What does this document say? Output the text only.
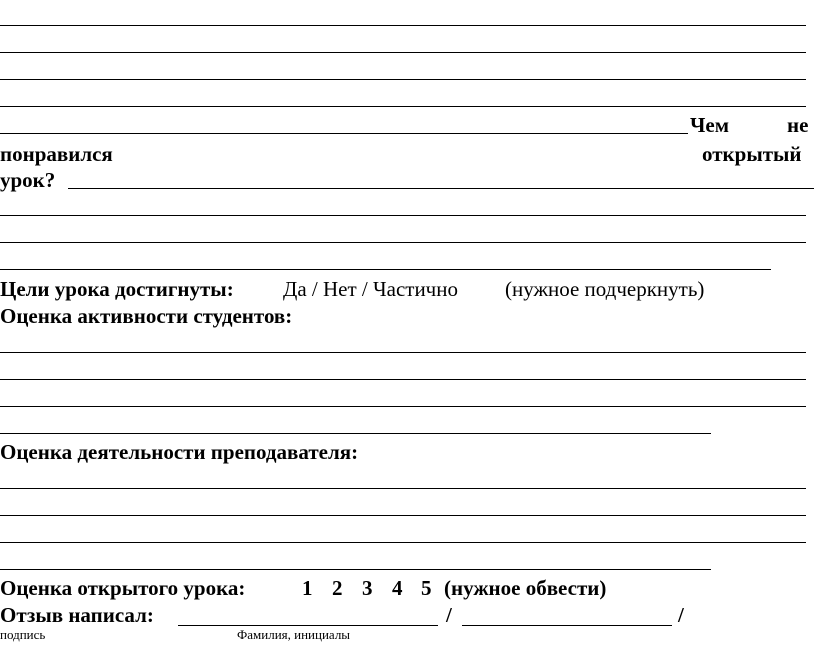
Чем	не
понравился	открытый
урок?
Цели урока достигнуты: Да / Нет / Частично (нужное подчеркнуть)
Оценка активности студентов:
Оценка деятельности преподавателя:
Оценка открытого урока:	1 2 3 4 5 (нужное обвести)
Отзыв написал:	/	/
подпись	Фамилия, инициалы
